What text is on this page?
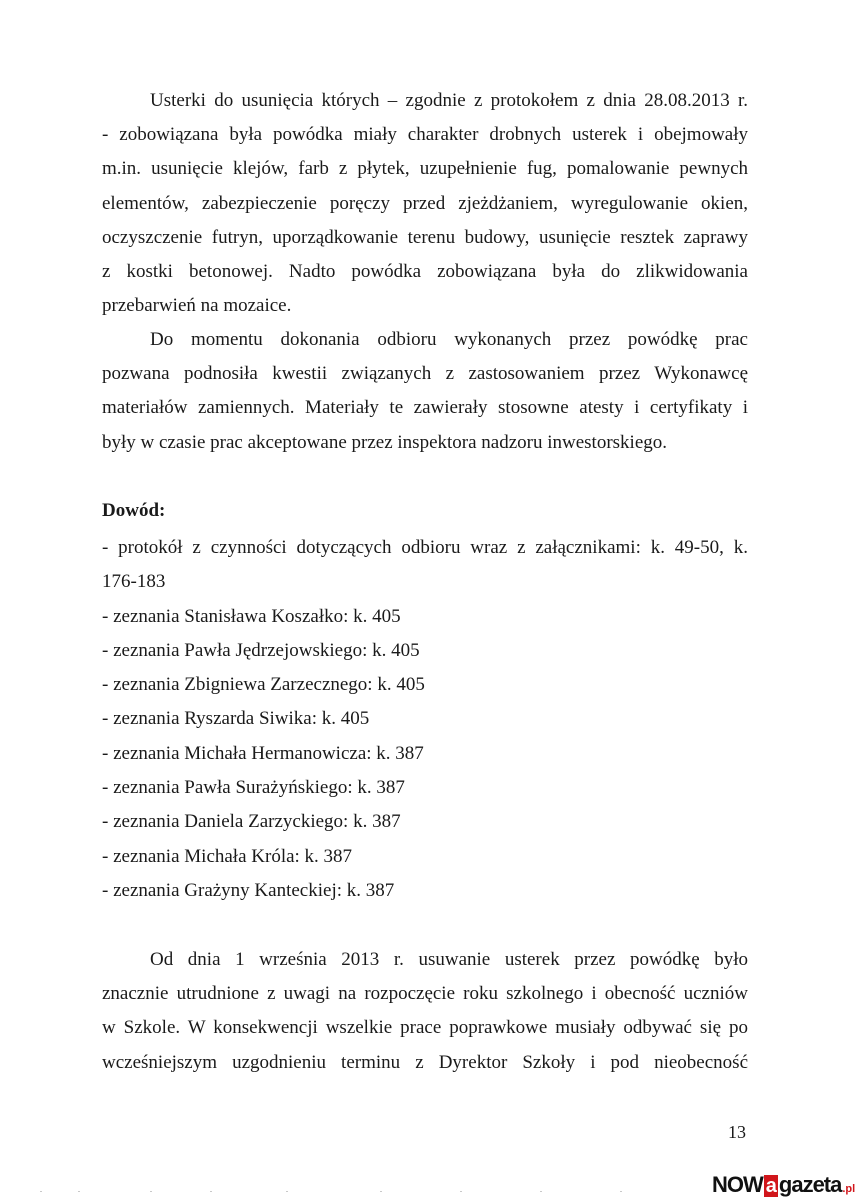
Usterki do usunięcia których – zgodnie z protokołem z dnia 28.08.2013 r.
- zobowiązana była powódka miały charakter drobnych usterek i obejmowały
m.in. usunięcie klejów, farb z płytek, uzupełnienie fug, pomalowanie pewnych
elementów, zabezpieczenie poręczy przed zjeżdżaniem, wyregulowanie okien,
oczyszczenie futryn, uporządkowanie terenu budowy, usunięcie resztek zaprawy
z kostki betonowej. Nadto powódka zobowiązana była do zlikwidowania
przebarwień na mozaice.
Do momentu dokonania odbioru wykonanych przez powódkę prac
pozwana podnosiła kwestii związanych z zastosowaniem przez Wykonawcę
materiałów zamiennych. Materiały te zawierały stosowne atesty i certyfikaty i
były w czasie prac akceptowane przez inspektora nadzoru inwestorskiego.

Dowód:

- protokół z czynności dotyczących odbioru wraz z załącznikami: k. 49-50, k.
176-183
- zeznania Stanisława Koszałko: k. 405
- zeznania Pawła Jędrzejowskiego: k. 405
- zeznania Zbigniewa Zarzecznego: k. 405
- zeznania Ryszarda Siwika: k. 405
- zeznania Michała Hermanowicza: k. 387
- zeznania Pawła Surażyńskiego: k. 387
- zeznania Daniela Zarzyckiego: k. 387
- zeznania Michała Króla: k. 387
- zeznania Grażyny Kanteckiej: k. 387
Od dnia 1 września 2013 r. usuwanie usterek przez powódkę było
znacznie utrudnione z uwagi na rozpoczęcie roku szkolnego i obecność uczniów
w Szkole. W konsekwencji wszelkie prace poprawkowe musiały odbywać się po
wcześniejszym uzgodnieniu terminu z Dyrektor Szkoły i pod nieobecność
13
NOW a gazeta .pl
